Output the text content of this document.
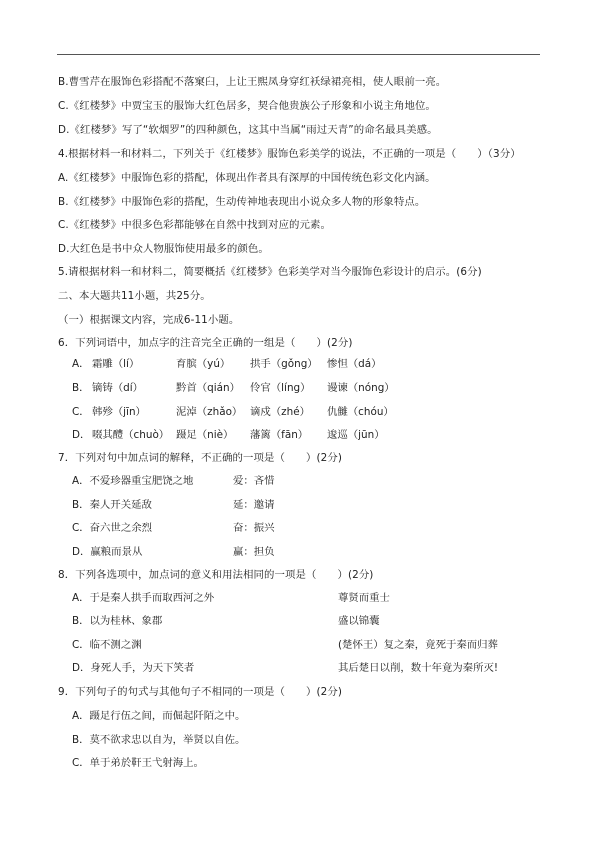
B.曹雪芹在服饰色彩搭配不落窠臼，上让王熙凤身穿红袄绿裙亮相，使人眼前一亮。
C.《红楼梦》中贾宝玉的服饰大红色居多，契合他贵族公子形象和小说主角地位。
D.《红楼梦》写了“软烟罗”的四种颜色，这其中当属“雨过天青”的命名最具美感。
4.根据材料一和材料二，下列关于《红楼梦》服饰色彩美学的说法，不正确的一项是（　　）（3分）
A.《红楼梦》中服饰色彩的搭配，体现出作者具有深厚的中国传统色彩文化内涵。
B.《红楼梦》中服饰色彩的搭配，生动传神地表现出小说众多人物的形象特点。
C.《红楼梦》中很多色彩都能够在自然中找到对应的元素。
D.大红色是书中众人物服饰使用最多的颜色。
5.请根据材料一和材料二，简要概括《红楼梦》色彩美学对当今服饰色彩设计的启示。(6分)
二、本大题共11小题，共25分。
（一）根据课文内容，完成6-11小题。
6．下列词语中，加点字的注音完全正确的一组是（　　）(2分)
A． 霜雕（lí）	育膑（yú） 拱手（gǒng） 惨怛（dá）
B． 镝铸（dí）	黔首（qián） 伶官（líng） 谩谏（nóng）
C． 韩殄（jīn）	泥淖（zhǎo） 谪戍（zhé） 仇雠（chóu）
D． 啜其醴（chuò） 蹑足（niè） 藩篱（fān） 逡巡（jūn）
7．下列对句中加点词的解释，不正确的一项是（　　）(2分)
A．不爱珍器重宝肥饶之地	爱：吝惜
B．秦人开关延敌	延：邀请
C．奋六世之余烈	奋：振兴
D．赢粮而景从	赢：担负
8．下列各选项中，加点词的意义和用法相同的一项是（　　）(2分)
A．于是秦人拱手而取西河之外	尊贤而重士
B．以为桂林、象郡	盛以锦囊
C．临不测之渊	(楚怀王）复之秦，竟死于秦而归葬
D．身死人手，为天下笑者	其后楚日以削，数十年竟为秦所灭!
9．下列句子的句式与其他句子不相同的一项是（　　）(2分)
A．蹑足行伍之间，而倔起阡陌之中。
B．莫不欲求忠以自为，举贤以自佐。
C．单于弟於靬王弋射海上。
